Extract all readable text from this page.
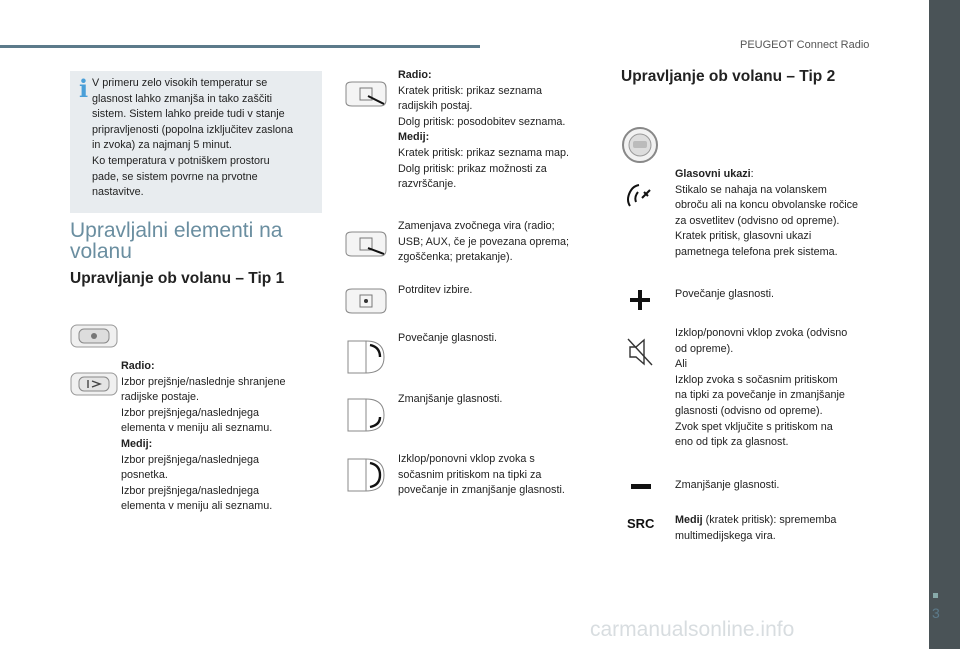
PEUGEOT Connect Radio
i V primeru zelo visokih temperatur se
glasnost lahko zmanjša in tako zaščiti
sistem. Sistem lahko preide tudi v stanje
pripravljenosti (popolna izključitev zaslona
in zvoka) za najmanj 5 minut.
Ko temperatura v potniškem prostoru
pade, se sistem povrne na prvotne
nastavitve.
Upravljalni elementi na
volanu
Upravljanje ob volanu – Tip 1
Radio:
Izbor prejšnje/naslednje shranjene
radijske postaje.
Izbor prejšnjega/naslednjega
elementa v meniju ali seznamu.
Medij:
Izbor prejšnjega/naslednjega
posnetka.
Izbor prejšnjega/naslednjega
elementa v meniju ali seznamu.
Radio:
Kratek pritisk: prikaz seznama
radijskih postaj.
Dolg pritisk: posodobitev seznama.
Medij:
Kratek pritisk: prikaz seznama map.
Dolg pritisk: prikaz možnosti za
razvrščanje.
Zamenjava zvočnega vira (radio;
USB; AUX, če je povezana oprema;
zgoščenka; pretakanje).
Potrditev izbire.
Povečanje glasnosti.
Zmanjšanje glasnosti.
Izklop/ponovni vklop zvoka s
sočasnim pritiskom na tipki za
povečanje in zmanjšanje glasnosti.
Upravljanje ob volanu – Tip 2
SRC
Glasovni ukazi:
Stikalo se nahaja na volanskem
obroču ali na koncu obvolanske ročice
za osvetlitev (odvisno od opreme).
Kratek pritisk, glasovni ukazi
pametnega telefona prek sistema.
Povečanje glasnosti.
Izklop/ponovni vklop zvoka (odvisno
od opreme).
Ali
Izklop zvoka s sočasnim pritiskom
na tipki za povečanje in zmanjšanje
glasnosti (odvisno od opreme).
Zvok spet vključite s pritiskom na
eno od tipk za glasnost.
Zmanjšanje glasnosti.
Medij (kratek pritisk): sprememba
multimedijskega vira.
3
carmanualsonline.info
